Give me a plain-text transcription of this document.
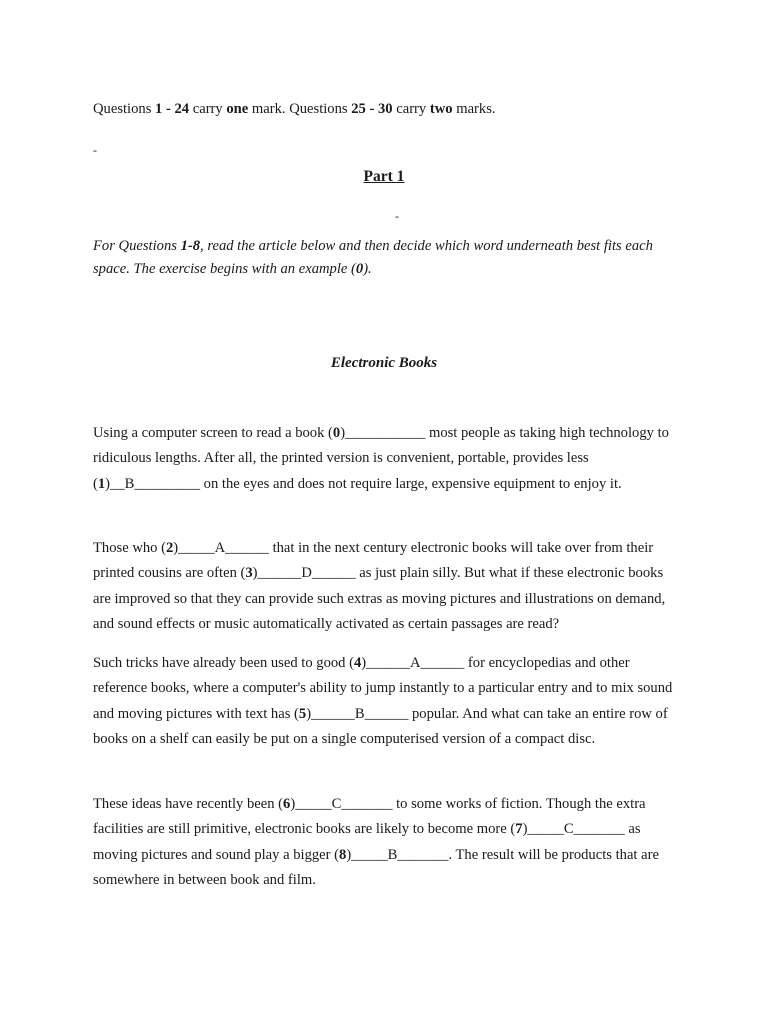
Questions 1 - 24 carry one mark. Questions 25 - 30 carry two marks.
-
Part 1
-
For Questions 1-8, read the article below and then decide which word underneath best fits each space. The exercise begins with an example (0).
Electronic Books

Using a computer screen to read a book (0)___________ most people as taking high technology to ridiculous lengths. After all, the printed version is convenient, portable, provides less (1)__B_________ on the eyes and does not require large, expensive equipment to enjoy it.

Those who (2)_____A______ that in the next century electronic books will take over from their printed cousins are often (3)______D______ as just plain silly. But what if these electronic books are improved so that they can provide such extras as moving pictures and illustrations on demand, and sound effects or music automatically activated as certain passages are read?

Such tricks have already been used to good (4)______A______ for encyclopedias and other reference books, where a computer's ability to jump instantly to a particular entry and to mix sound and moving pictures with text has (5)______B______ popular. And what can take an entire row of books on a shelf can easily be put on a single computerised version of a compact disc.

These ideas have recently been (6)_____C_______ to some works of fiction. Though the extra facilities are still primitive, electronic books are likely to become more (7)_____C_______ as moving pictures and sound play a bigger (8)_____B_______. The result will be products that are somewhere in between book and film.
